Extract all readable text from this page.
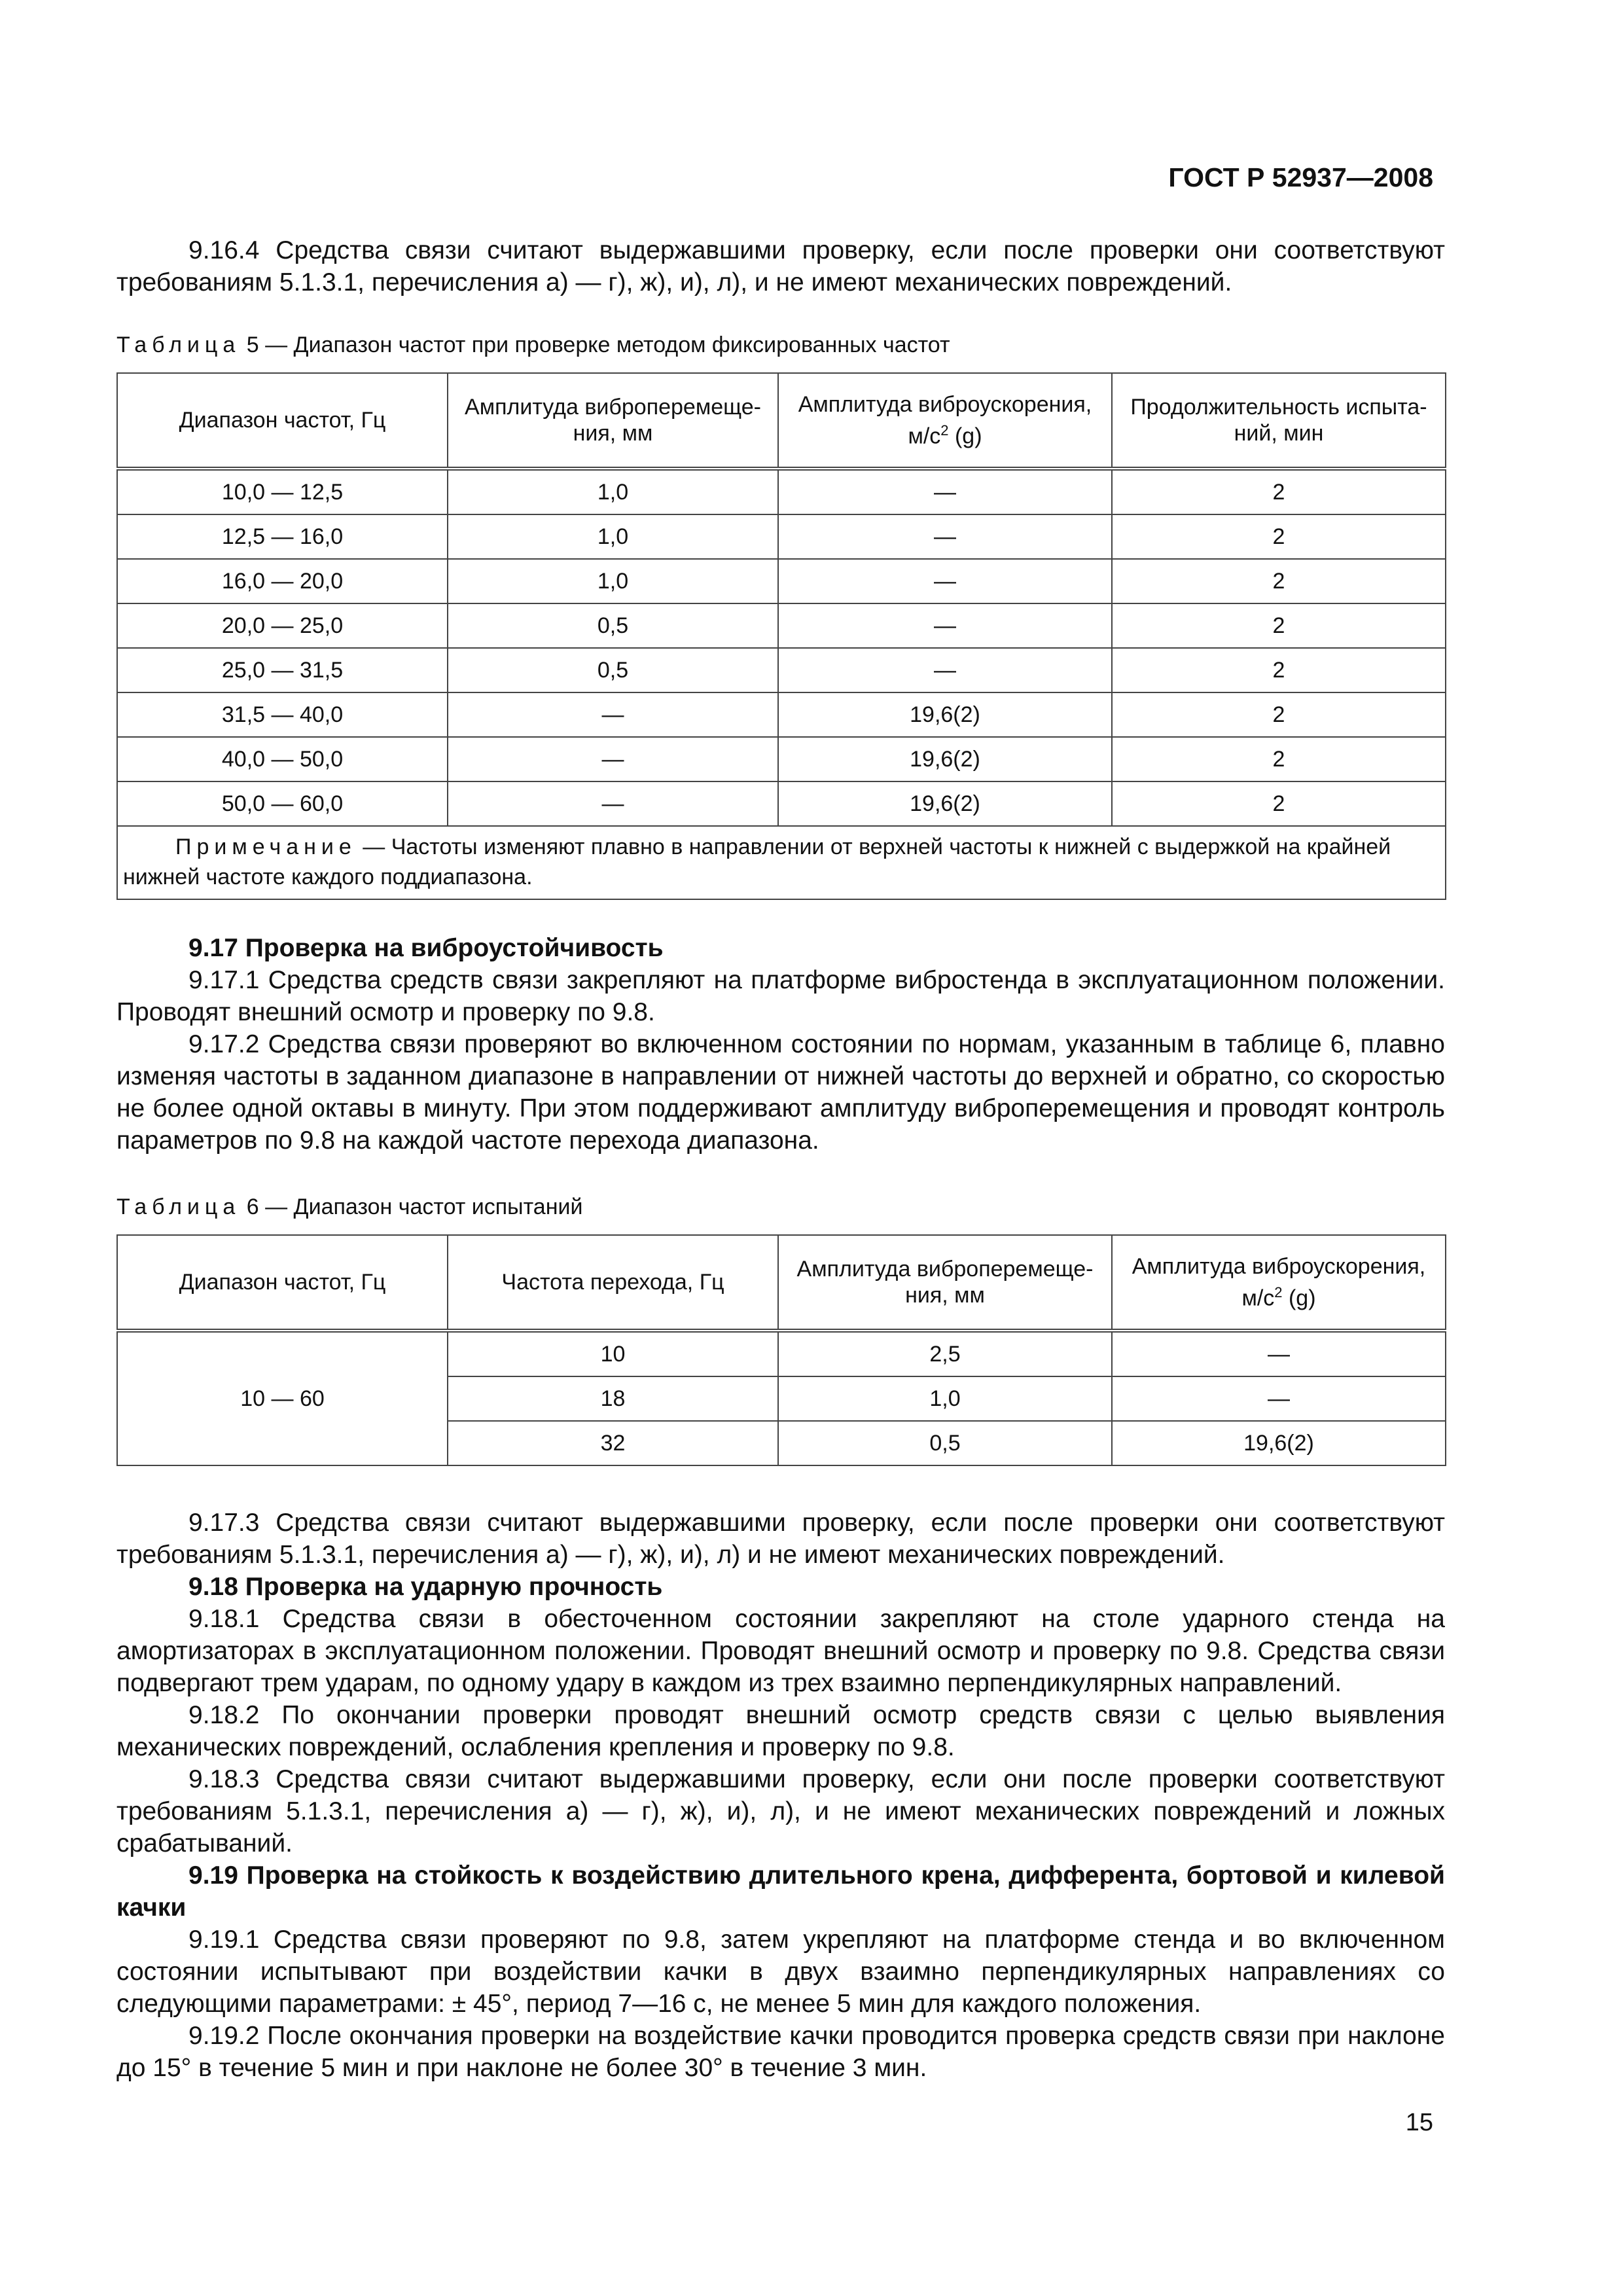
ГОСТ Р 52937—2008

9.16.4 Средства связи считают выдержавшими проверку, если после проверки они соответствуют требованиям 5.1.3.1, перечисления а) — г), ж), и), л), и не имеют механических повреждений.

Таблица 5 — Диапазон частот при проверке методом фиксированных частот

Диапазон частот, Гц	Амплитуда виброперемеще-ния, мм	Амплитуда виброускорения, $м/с^2$ (g)	Продолжительность испыта-ний, мин
10,0 — 12,5	1,0	—	2
12,5 — 16,0	1,0	—	2
16,0 — 20,0	1,0	—	2
20,0 — 25,0	0,5	—	2
25,0 — 31,5	0,5	—	2
31,5 — 40,0	—	19,6(2)	2
40,0 — 50,0	—	19,6(2)	2
50,0 — 60,0	—	19,6(2)	2
Примечание — Частоты изменяют плавно в направлении от верхней частоты к нижней с выдержкой на крайней нижней частоте каждого поддиапазона.			

9.17 Проверка на виброустойчивость

9.17.1 Средства средств связи закрепляют на платформе вибростенда в эксплуатационном положении. Проводят внешний осмотр и проверку по 9.8.

9.17.2 Средства связи проверяют во включенном состоянии по нормам, указанным в таблице 6, плавно изменяя частоты в заданном диапазоне в направлении от нижней частоты до верхней и обратно, со скоростью не более одной октавы в минуту. При этом поддерживают амплитуду виброперемещения и проводят контроль параметров по 9.8 на каждой частоте перехода диапазона.

Таблица 6 — Диапазон частот испытаний

Диапазон частот, Гц	Частота перехода, Гц	Амплитуда виброперемеще-ния, мм	Амплитуда виброускорения, $м/с^2$ (g)
10 — 60	10	2,5	—
	18	1,0	—
	32	0,5	19,6(2)

9.17.3 Средства связи считают выдержавшими проверку, если после проверки они соответствуют требованиям 5.1.3.1, перечисления а) — г), ж), и), л) и не имеют механических повреждений.

9.18 Проверка на ударную прочность

9.18.1 Средства связи в обесточенном состоянии закрепляют на столе ударного стенда на амортизаторах в эксплуатационном положении. Проводят внешний осмотр и проверку по 9.8. Средства связи подвергают трем ударам, по одному удару в каждом из трех взаимно перпендикулярных направлений.

9.18.2 По окончании проверки проводят внешний осмотр средств связи с целью выявления механических повреждений, ослабления крепления и проверку по 9.8.

9.18.3 Средства связи считают выдержавшими проверку, если они после проверки соответствуют требованиям 5.1.3.1, перечисления а) — г), ж), и), л), и не имеют механических повреждений и ложных срабатываний.

9.19 Проверка на стойкость к воздействию длительного крена, дифферента, бортовой и килевой качки

9.19.1 Средства связи проверяют по 9.8, затем укрепляют на платформе стенда и во включенном состоянии испытывают при воздействии качки в двух взаимно перпендикулярных направлениях со следующими параметрами: ± 45°, период 7—16 с, не менее 5 мин для каждого положения.

9.19.2 После окончания проверки на воздействие качки проводится проверка средств связи при наклоне до 15° в течение 5 мин и при наклоне не более 30° в течение 3 мин.

15
